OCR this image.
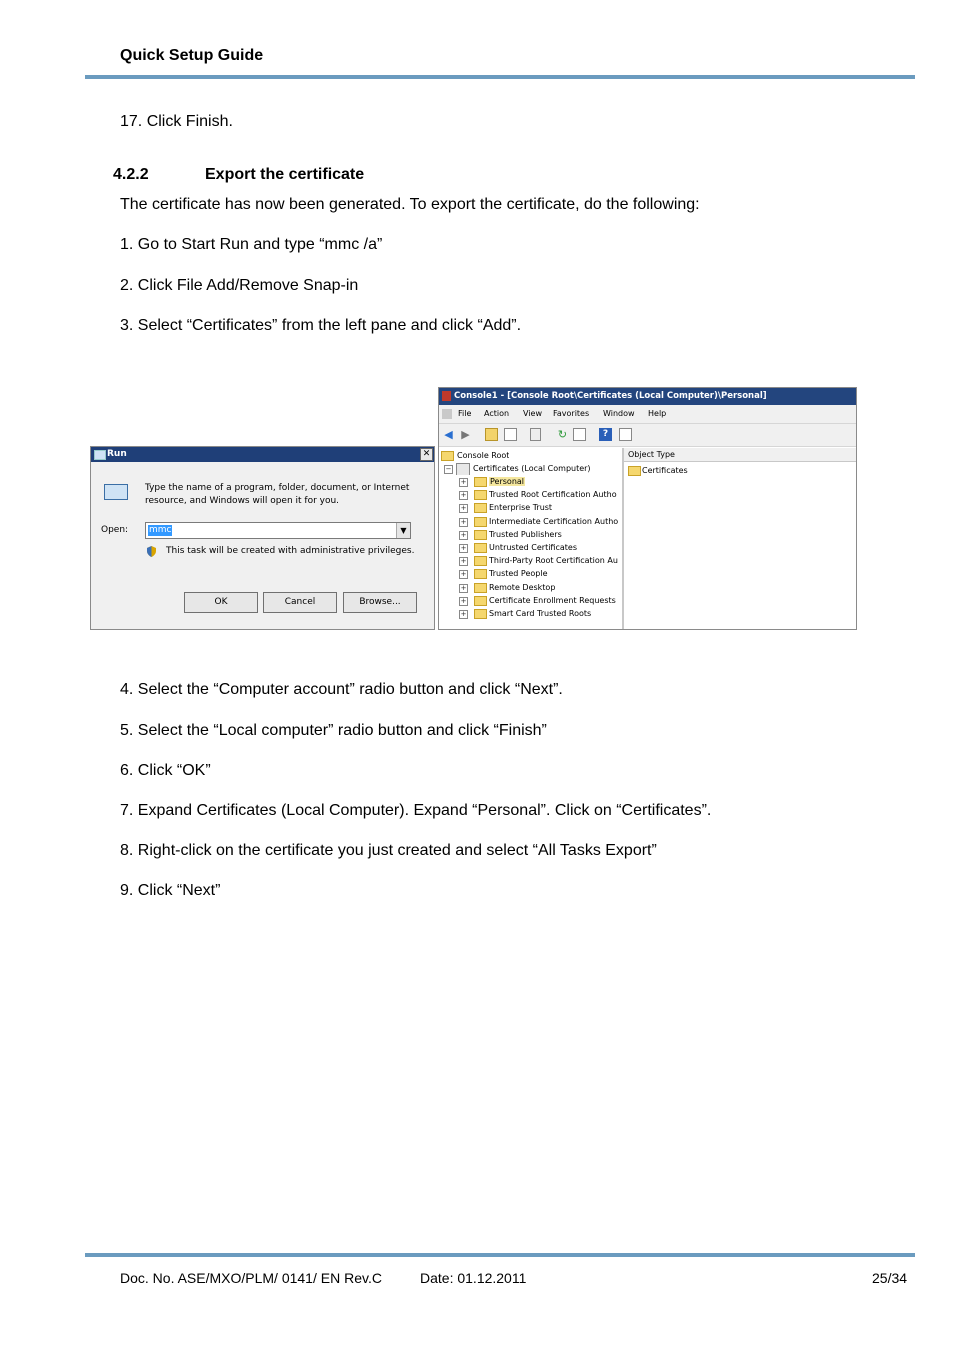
Quick Setup Guide
17. Click Finish.
4.2.2	Export the certificate
The certificate has now been generated. To export the certificate, do the following:
1. Go to Start Run and type “mmc /a”
2. Click File Add/Remove Snap-in
3. Select “Certificates” from the left pane and click “Add”.
Run	✕
Type the name of a program, folder, document, or Internet resource, and Windows will open it for you.
Open: mmc	▼
This task will be created with administrative privileges.
OK	Cancel	Browse...
Console1 - [Console Root\Certificates (Local Computer)\Personal]
File Action View Favorites Window Help
◀ ▶	↻	?
Console Root
−	Certificates (Local Computer)
+	Personal
+	Trusted Root Certification Autho
+	Enterprise Trust
+	Intermediate Certification Autho
+	Trusted Publishers
+	Untrusted Certificates
+	Third-Party Root Certification Au
+	Trusted People
+	Remote Desktop
+	Certificate Enrollment Requests
+	Smart Card Trusted Roots
Object Type
Certificates
4. Select the “Computer account” radio button and click “Next”.
5. Select the “Local computer” radio button and click “Finish”
6. Click “OK”
7. Expand Certificates (Local Computer). Expand “Personal”. Click on “Certificates”.
8. Right-click on the certificate you just created and select “All Tasks Export”
9. Click “Next”
Doc. No. ASE/MXO/PLM/ 0141/ EN Rev.C	Date: 01.12.2011	25/34
